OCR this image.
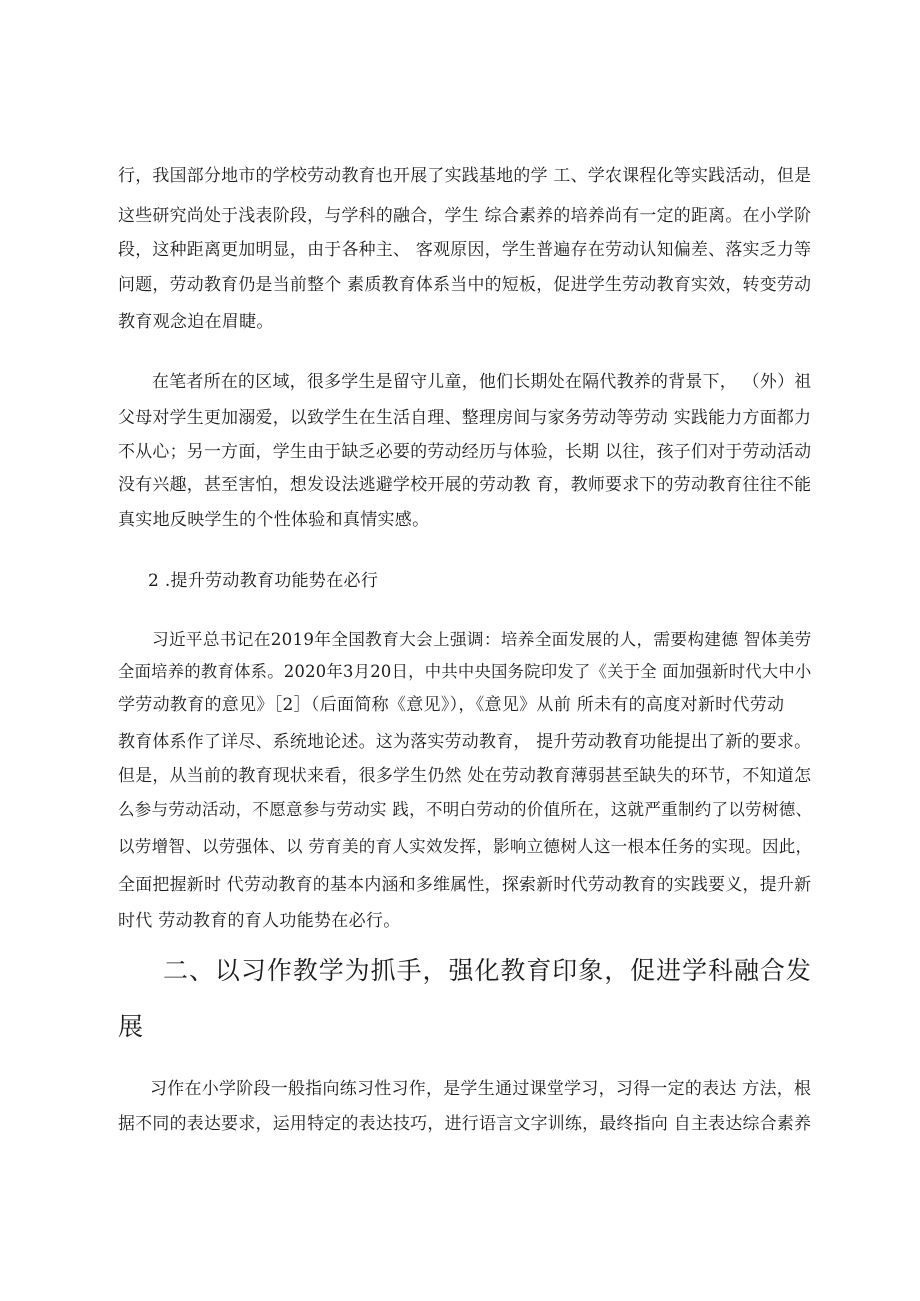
行，我国部分地市的学校劳动教育也开展了实践基地的学 工、学农课程化等实践活动，但是
这些研究尚处于浅表阶段，与学科的融合，学生 综合素养的培养尚有一定的距离。在小学阶
段，这种距离更加明显，由于各种主、 客观原因，学生普遍存在劳动认知偏差、落实乏力等
问题，劳动教育仍是当前整个 素质教育体系当中的短板，促进学生劳动教育实效，转变劳动
教育观念迫在眉睫。
在笔者所在的区域，很多学生是留守儿童，他们长期处在隔代教养的背景下， （外）祖
父母对学生更加溺爱，以致学生在生活自理、整理房间与家务劳动等劳动 实践能力方面都力
不从心；另一方面，学生由于缺乏必要的劳动经历与体验，长期 以往，孩子们对于劳动活动
没有兴趣，甚至害怕，想发设法逃避学校开展的劳动教 育，教师要求下的劳动教育往往不能
真实地反映学生的个性体验和真情实感。
2 .提升劳动教育功能势在必行
习近平总书记在2019年全国教育大会上强调：培养全面发展的人，需要构建德 智体美劳
全面培养的教育体系。2020年3月20日，中共中央国务院印发了《关于全 面加强新时代大中小
学劳动教育的意见》［2］（后面简称《意见》），《意见》从前 所未有的高度对新时代劳动
教育体系作了详尽、系统地论述。这为落实劳动教育， 提升劳动教育功能提出了新的要求。
但是，从当前的教育现状来看，很多学生仍然 处在劳动教育薄弱甚至缺失的环节，不知道怎
么参与劳动活动，不愿意参与劳动实 践，不明白劳动的价值所在，这就严重制约了以劳树德、
以劳增智、以劳强体、以 劳育美的育人实效发挥，影响立德树人这一根本任务的实现。因此，
全面把握新时 代劳动教育的基本内涵和多维属性，探索新时代劳动教育的实践要义，提升新
时代 劳动教育的育人功能势在必行。
二、以习作教学为抓手，强化教育印象，促进学科融合发
展
习作在小学阶段一般指向练习性习作，是学生通过课堂学习，习得一定的表达 方法，根
据不同的表达要求，运用特定的表达技巧，进行语言文字训练，最终指向 自主表达综合素养
